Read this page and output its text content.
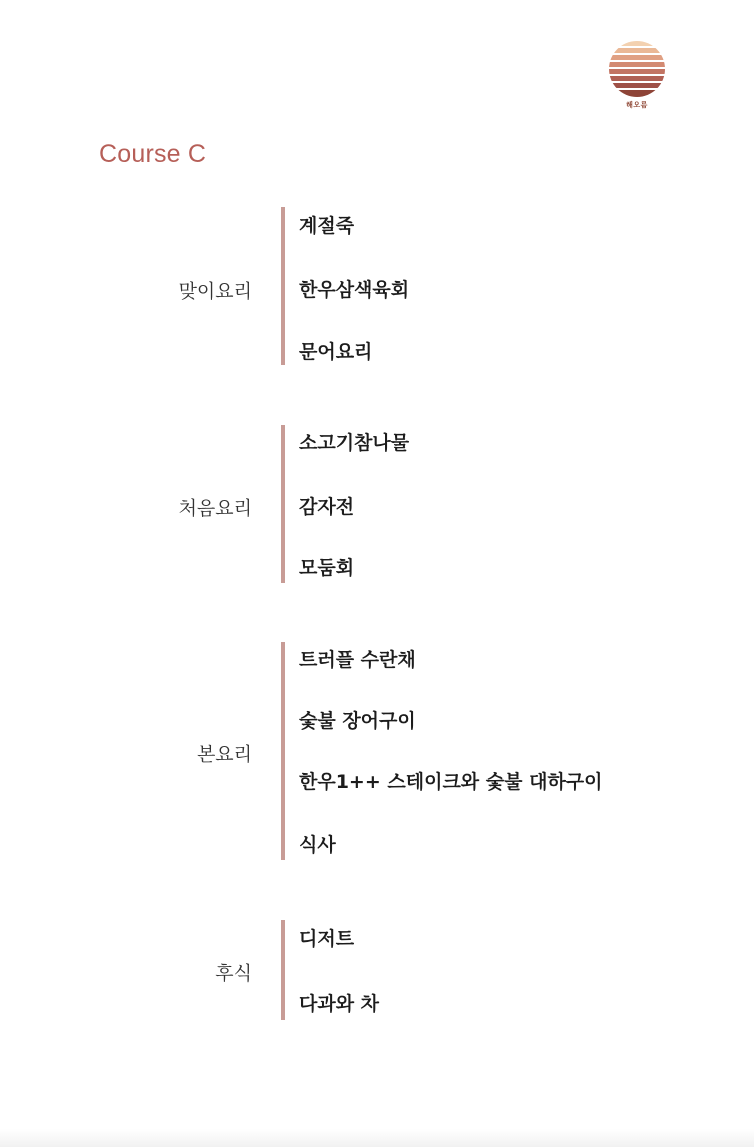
해오름
Course C
맞이요리
계절죽
한우삼색육회
문어요리
처음요리
소고기참나물
감자전
모둠회
본요리
트러플 수란채
숯불 장어구이
한우1++ 스테이크와 숯불 대하구이
식사
후식
디저트
다과와 차
